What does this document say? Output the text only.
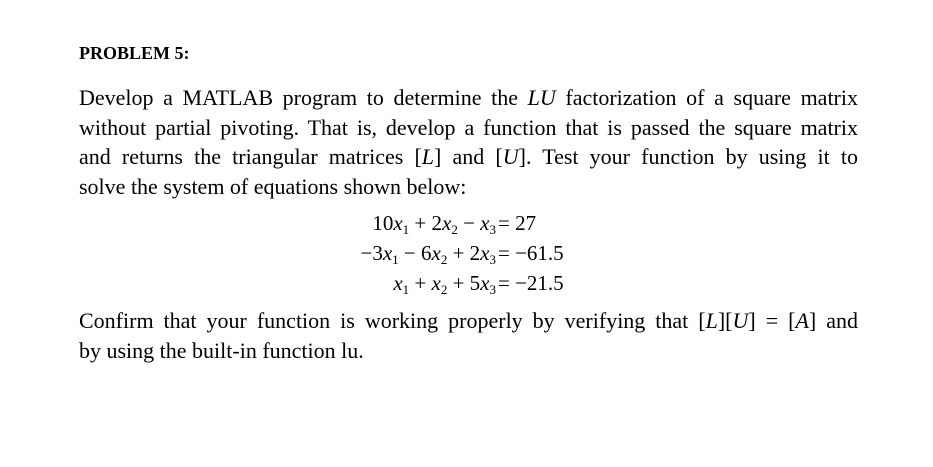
PROBLEM 5:
Develop a MATLAB program to determine the LU factorization of a square matrix
without partial pivoting. That is, develop a function that is passed the square matrix
and returns the triangular matrices [L] and [U]. Test your function by using it to
solve the system of equations shown below:
$10x_1 + 2x_2 - x_3 = 27$
$-3x_1 - 6x_2 + 2x_3 = -61.5$
$x_1 + x_2 + 5x_3 = -21.5$
Confirm that your function is working properly by verifying that [L][U] = [A] and
by using the built-in function lu.
